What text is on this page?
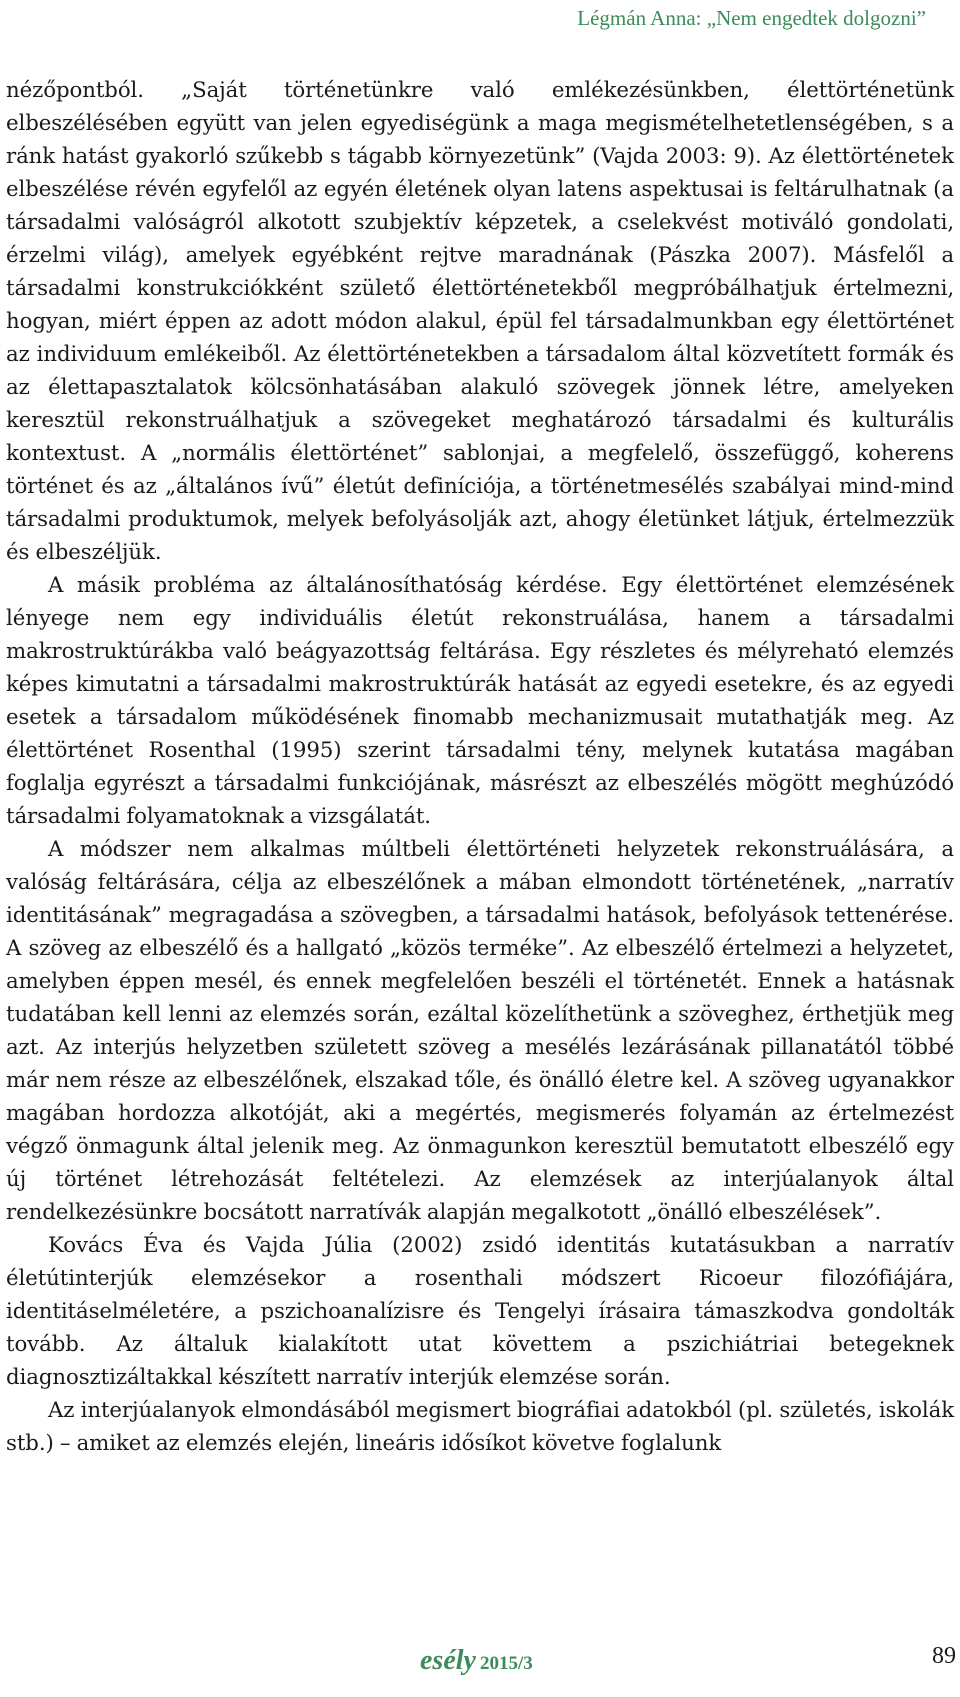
Légmán Anna: „Nem engedtek dolgozni”

nézőpontból. „Saját történetünkre való emlékezésünkben, élettörténetünk elbeszélésében együtt van jelen egyediségünk a maga megismételhetetlenségében, s a ránk hatást gyakorló szűkebb s tágabb környezetünk” (Vajda 2003: 9). Az élettörténetek elbeszélése révén egyfelől az egyén életének olyan latens aspektusai is feltárulhatnak (a társadalmi valóságról alkotott szubjektív képzetek, a cselekvést motiváló gondolati, érzelmi világ), amelyek egyébként rejtve maradnának (Pászka 2007). Másfelől a társadalmi konstrukciókként születő élettörténetekből megpróbálhatjuk értelmezni, hogyan, miért éppen az adott módon alakul, épül fel társadalmunkban egy élettörténet az individuum emlékeiből. Az élettörténetekben a társadalom által közvetített formák és az élettapasztalatok kölcsönhatásában alakuló szövegek jönnek létre, amelyeken keresztül rekonstruálhatjuk a szövegeket meghatározó társadalmi és kulturális kontextust. A „normális élettörténet” sablonjai, a megfelelő, összefüggő, koherens történet és az „általános ívű” életút definíciója, a történetmesélés szabályai mind-mind társadalmi produktumok, melyek befolyásolják azt, ahogy életünket látjuk, értelmezzük és elbeszéljük.

A másik probléma az általánosíthatóság kérdése. Egy élettörténet elemzésének lényege nem egy individuális életút rekonstruálása, hanem a társadalmi makrostruktúrákba való beágyazottság feltárása. Egy részletes és mélyreható elemzés képes kimutatni a társadalmi makrostruktúrák hatását az egyedi esetekre, és az egyedi esetek a társadalom működésének finomabb mechanizmusait mutathatják meg. Az élettörténet Rosenthal (1995) szerint társadalmi tény, melynek kutatása magában foglalja egyrészt a társadalmi funkciójának, másrészt az elbeszélés mögött meghúzódó társadalmi folyamatoknak a vizsgálatát.

A módszer nem alkalmas múltbeli élettörténeti helyzetek rekonstruálására, a valóság feltárására, célja az elbeszélőnek a mában elmondott történetének, „narratív identitásának” megragadása a szövegben, a társadalmi hatások, befolyások tettenérése. A szöveg az elbeszélő és a hallgató „közös terméke”. Az elbeszélő értelmezi a helyzetet, amelyben éppen mesél, és ennek megfelelően beszéli el történetét. Ennek a hatásnak tudatában kell lenni az elemzés során, ezáltal közelíthetünk a szöveghez, érthetjük meg azt. Az interjús helyzetben született szöveg a mesélés lezárásának pillanatától többé már nem része az elbeszélőnek, elszakad tőle, és önálló életre kel. A szöveg ugyanakkor magában hordozza alkotóját, aki a megértés, megismerés folyamán az értelmezést végző önmagunk által jelenik meg. Az önmagunkon keresztül bemutatott elbeszélő egy új történet létrehozását feltételezi. Az elemzések az interjúalanyok által rendelkezésünkre bocsátott narratívák alapján megalkotott „önálló elbeszélések”.

Kovács Éva és Vajda Júlia (2002) zsidó identitás kutatásukban a narratív életútinterjúk elemzésekor a rosenthali módszert Ricoeur filozófiájára, identitáselméletére, a pszichoanalízisre és Tengelyi írásaira támaszkodva gondolták tovább. Az általuk kialakított utat követtem a pszichiátriai betegeknek diagnosztizáltakkal készített narratív interjúk elemzése során.

Az interjúalanyok elmondásából megismert biográfiai adatokból (pl. születés, iskolák stb.) – amiket az elemzés elején, lineáris idősíkot követve foglalunk

esély 2015/3	89
